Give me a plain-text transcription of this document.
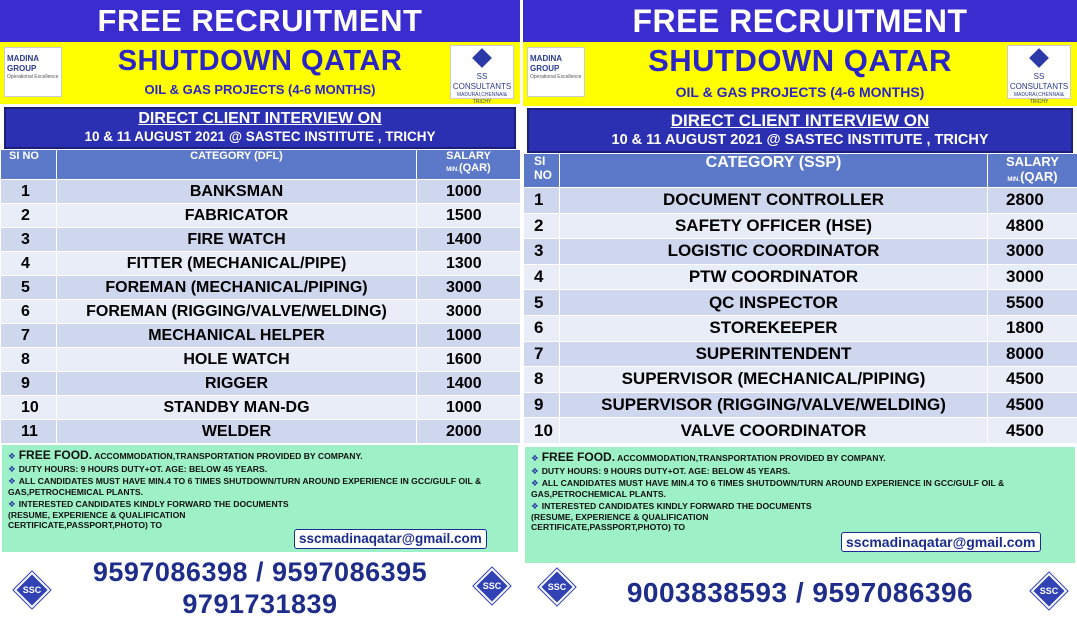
FREE RECRUITMENT
MADINA GROUP
Operational Excellence	SHUTDOWN QATAR
OIL & GAS PROJECTS (4-6 MONTHS)
SS CONSULTANTS
MADURAI,CHENNAI& TRICHY
DIRECT CLIENT INTERVIEW ON
10 & 11 AUGUST 2021 @ SASTEC INSTITUTE , TRICHY
SI NO	CATEGORY (DFL)	SALARY
MIN.(QAR)

1	BANKSMAN	1000
2	FABRICATOR	1500
3	FIRE WATCH	1400
4	FITTER (MECHANICAL/PIPE)	1300
5	FOREMAN (MECHANICAL/PIPING)	3000
6	FOREMAN (RIGGING/VALVE/WELDING)	3000
7	MECHANICAL HELPER	1000
8	HOLE WATCH	1600
9	RIGGER	1400
10	STANDBY MAN-DG	1000
11	WELDER	2000
❖ FREE FOOD. ACCOMMODATION,TRANSPORTATION PROVIDED BY COMPANY.
❖ DUTY HOURS: 9 HOURS DUTY+OT. AGE: BELOW 45 YEARS.
❖ ALL CANDIDATES MUST HAVE MIN.4 TO 6 TIMES SHUTDOWN/TURN AROUND EXPERIENCE IN GCC/GULF OIL & GAS,PETROCHEMICAL PLANTS.
❖ INTERESTED CANDIDATES KINDLY FORWARD THE DOCUMENTS (RESUME, EXPERIENCE & QUALIFICATION CERTIFICATE,PASSPORT,PHOTO) TO
sscmadinaqatar@gmail.com
SSC
9597086398 / 9597086395
9791731839
SSC
FREE RECRUITMENT
MADINA GROUP
Operational Excellence	SHUTDOWN QATAR
OIL & GAS PROJECTS (4-6 MONTHS)
SS CONSULTANTS
MADURAI,CHENNAI& TRICHY
DIRECT CLIENT INTERVIEW ON
10 & 11 AUGUST 2021 @ SASTEC INSTITUTE , TRICHY
SI
NO	CATEGORY (SSP)	SALARY
MIN.(QAR)

1	DOCUMENT CONTROLLER	2800
2	SAFETY OFFICER (HSE)	4800
3	LOGISTIC COORDINATOR	3000
4	PTW COORDINATOR	3000
5	QC INSPECTOR	5500
6	STOREKEEPER	1800
7	SUPERINTENDENT	8000
8	SUPERVISOR (MECHANICAL/PIPING)	4500
9	SUPERVISOR (RIGGING/VALVE/WELDING)	4500
10	VALVE COORDINATOR	4500
❖ FREE FOOD. ACCOMMODATION,TRANSPORTATION PROVIDED BY COMPANY.
❖ DUTY HOURS: 9 HOURS DUTY+OT. AGE: BELOW 45 YEARS.
❖ ALL CANDIDATES MUST HAVE MIN.4 TO 6 TIMES SHUTDOWN/TURN AROUND EXPERIENCE IN GCC/GULF OIL & GAS,PETROCHEMICAL PLANTS.
❖ INTERESTED CANDIDATES KINDLY FORWARD THE DOCUMENTS (RESUME, EXPERIENCE & QUALIFICATION CERTIFICATE,PASSPORT,PHOTO) TO
sscmadinaqatar@gmail.com
SSC	9003838593 / 9597086396	SSC
